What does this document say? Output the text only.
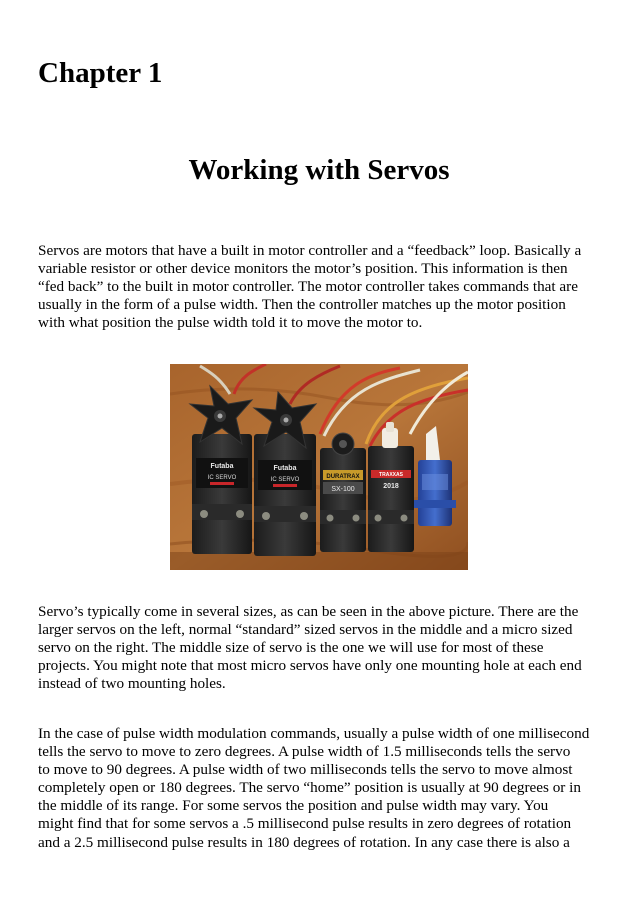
Chapter 1
Working with Servos
Servos are motors that have a built in motor controller and a “feedback” loop. Basically a
variable resistor or other device monitors the motor’s position. This information is then
“fed back” to the built in motor controller. The motor controller takes commands that are
usually in the form of a pulse width. Then the controller matches up the motor position
with what position the pulse width told it to move the motor to.
Futaba
IC SERVO
Futaba
IC SERVO	DURATRAX
SX-100
TRAXXAS
2018
Servo’s typically come in several sizes, as can be seen in the above picture. There are the
larger servos on the left, normal “standard” sized servos in the middle and a micro sized
servo on the right. The middle size of servo is the one we will use for most of these
projects. You might note that most micro servos have only one mounting hole at each end
instead of two mounting holes.
In the case of pulse width modulation commands, usually a pulse width of one millisecond
tells the servo to move to zero degrees. A pulse width of 1.5 milliseconds tells the servo
to move to 90 degrees. A pulse width of two milliseconds tells the servo to move almost
completely open or 180 degrees. The servo “home” position is usually at 90 degrees or in
the middle of its range. For some servos the position and pulse width may vary. You
might find that for some servos a .5 millisecond pulse results in zero degrees of rotation
and a 2.5 millisecond pulse results in 180 degrees of rotation. In any case there is also a
